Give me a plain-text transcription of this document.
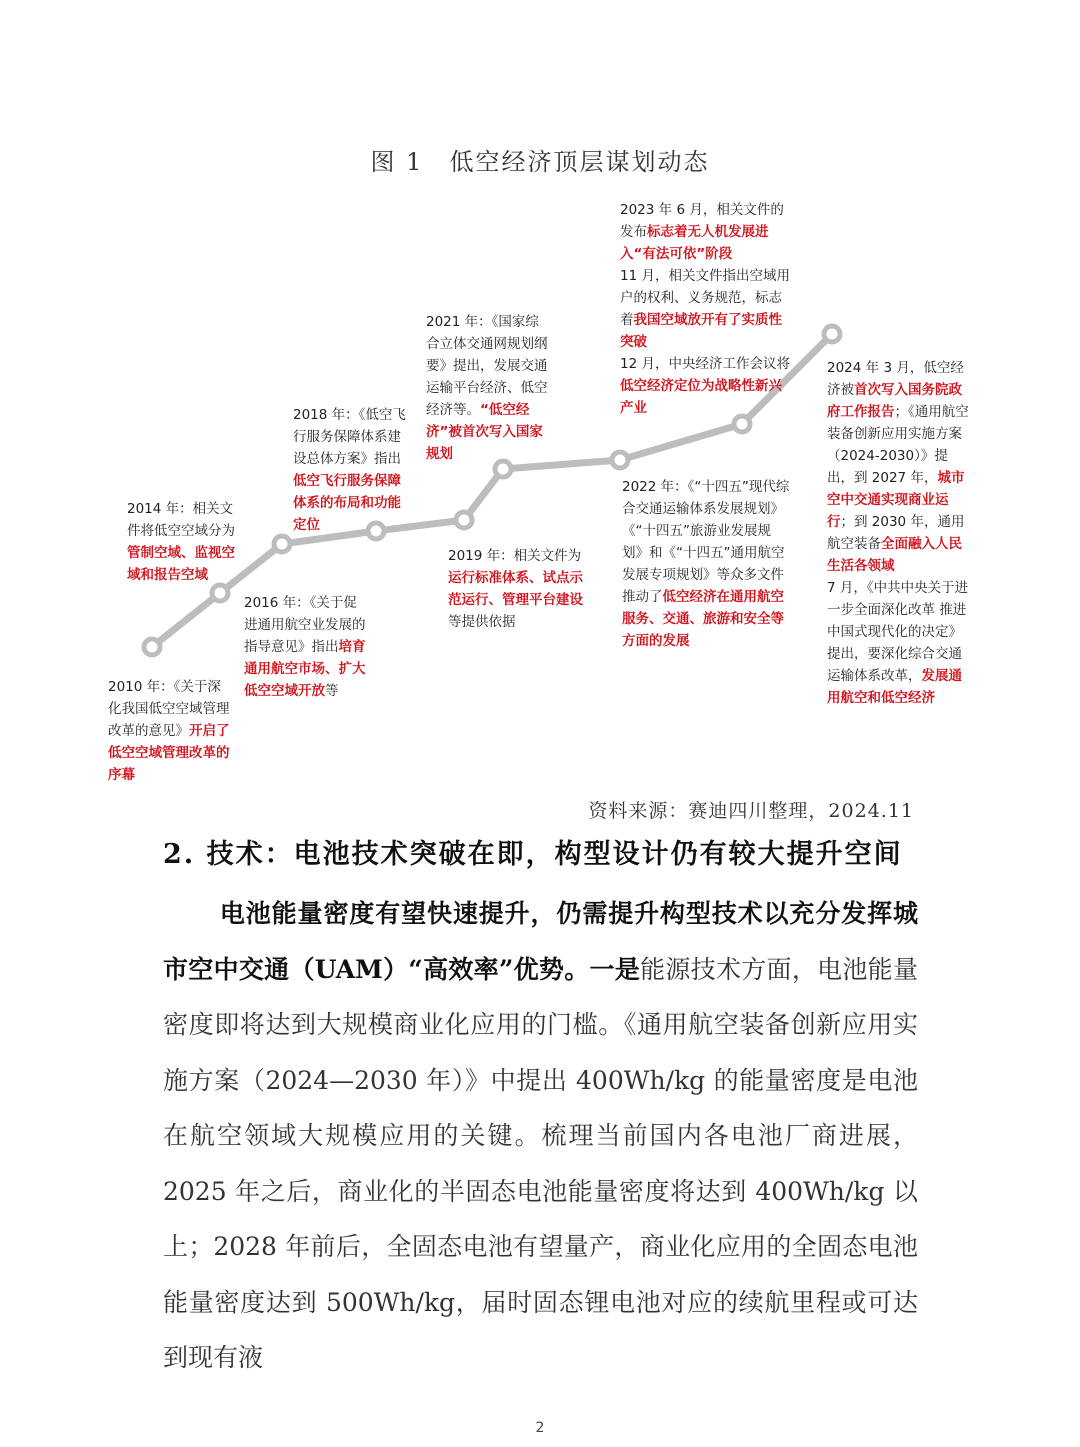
图 1　低空经济顶层谋划动态
2010 年：《关于深化我国低空空域管理改革的意见》开启了低空空域管理改革的序幕
2014 年：相关文件将低空空域分为管制空域、监视空域和报告空域
2016 年：《关于促进通用航空业发展的指导意见》指出培育通用航空市场、扩大低空空域开放等
2018 年：《低空飞行服务保障体系建设总体方案》指出低空飞行服务保障体系的布局和功能定位
2019 年：相关文件为运行标准体系、试点示范运行、管理平台建设等提供依据
2021 年：《国家综合立体交通网规划纲要》提出，发展交通运输平台经济、低空经济等。“低空经济”被首次写入国家规划
2022 年：《“十四五”现代综合交通运输体系发展规划》《“十四五”旅游业发展规划》和《“十四五”通用航空发展专项规划》等众多文件推动了低空经济在通用航空服务、交通、旅游和安全等方面的发展
2023 年 6 月，相关文件的发布标志着无人机发展进入“有法可依”阶段
11 月，相关文件指出空域用户的权利、义务规范，标志着我国空域放开有了实质性突破
12 月，中央经济工作会议将低空经济定位为战略性新兴产业
2024 年 3 月，低空经济被首次写入国务院政府工作报告；《通用航空装备创新应用实施方案（2024-2030）》提出，到 2027 年，城市空中交通实现商业运行；到 2030 年，通用航空装备全面融入人民生活各领域
7 月，《中共中央关于进一步全面深化改革 推进中国式现代化的决定》提出，要深化综合交通运输体系改革，发展通用航空和低空经济
资料来源：赛迪四川整理，2024.11
2. 技术：电池技术突破在即，构型设计仍有较大提升空间
电池能量密度有望快速提升，仍需提升构型技术以充分发挥城市空中交通（UAM）“高效率”优势。一是能源技术方面，电池能量密度即将达到大规模商业化应用的门槛。《通用航空装备创新应用实施方案（2024—2030 年）》中提出 400Wh/kg 的能量密度是电池在航空领域大规模应用的关键。梳理当前国内各电池厂商进展，2025 年之后，商业化的半固态电池能量密度将达到 400Wh/kg 以上；2028 年前后，全固态电池有望量产，商业化应用的全固态电池能量密度达到 500Wh/kg，届时固态锂电池对应的续航里程或可达到现有液
2
